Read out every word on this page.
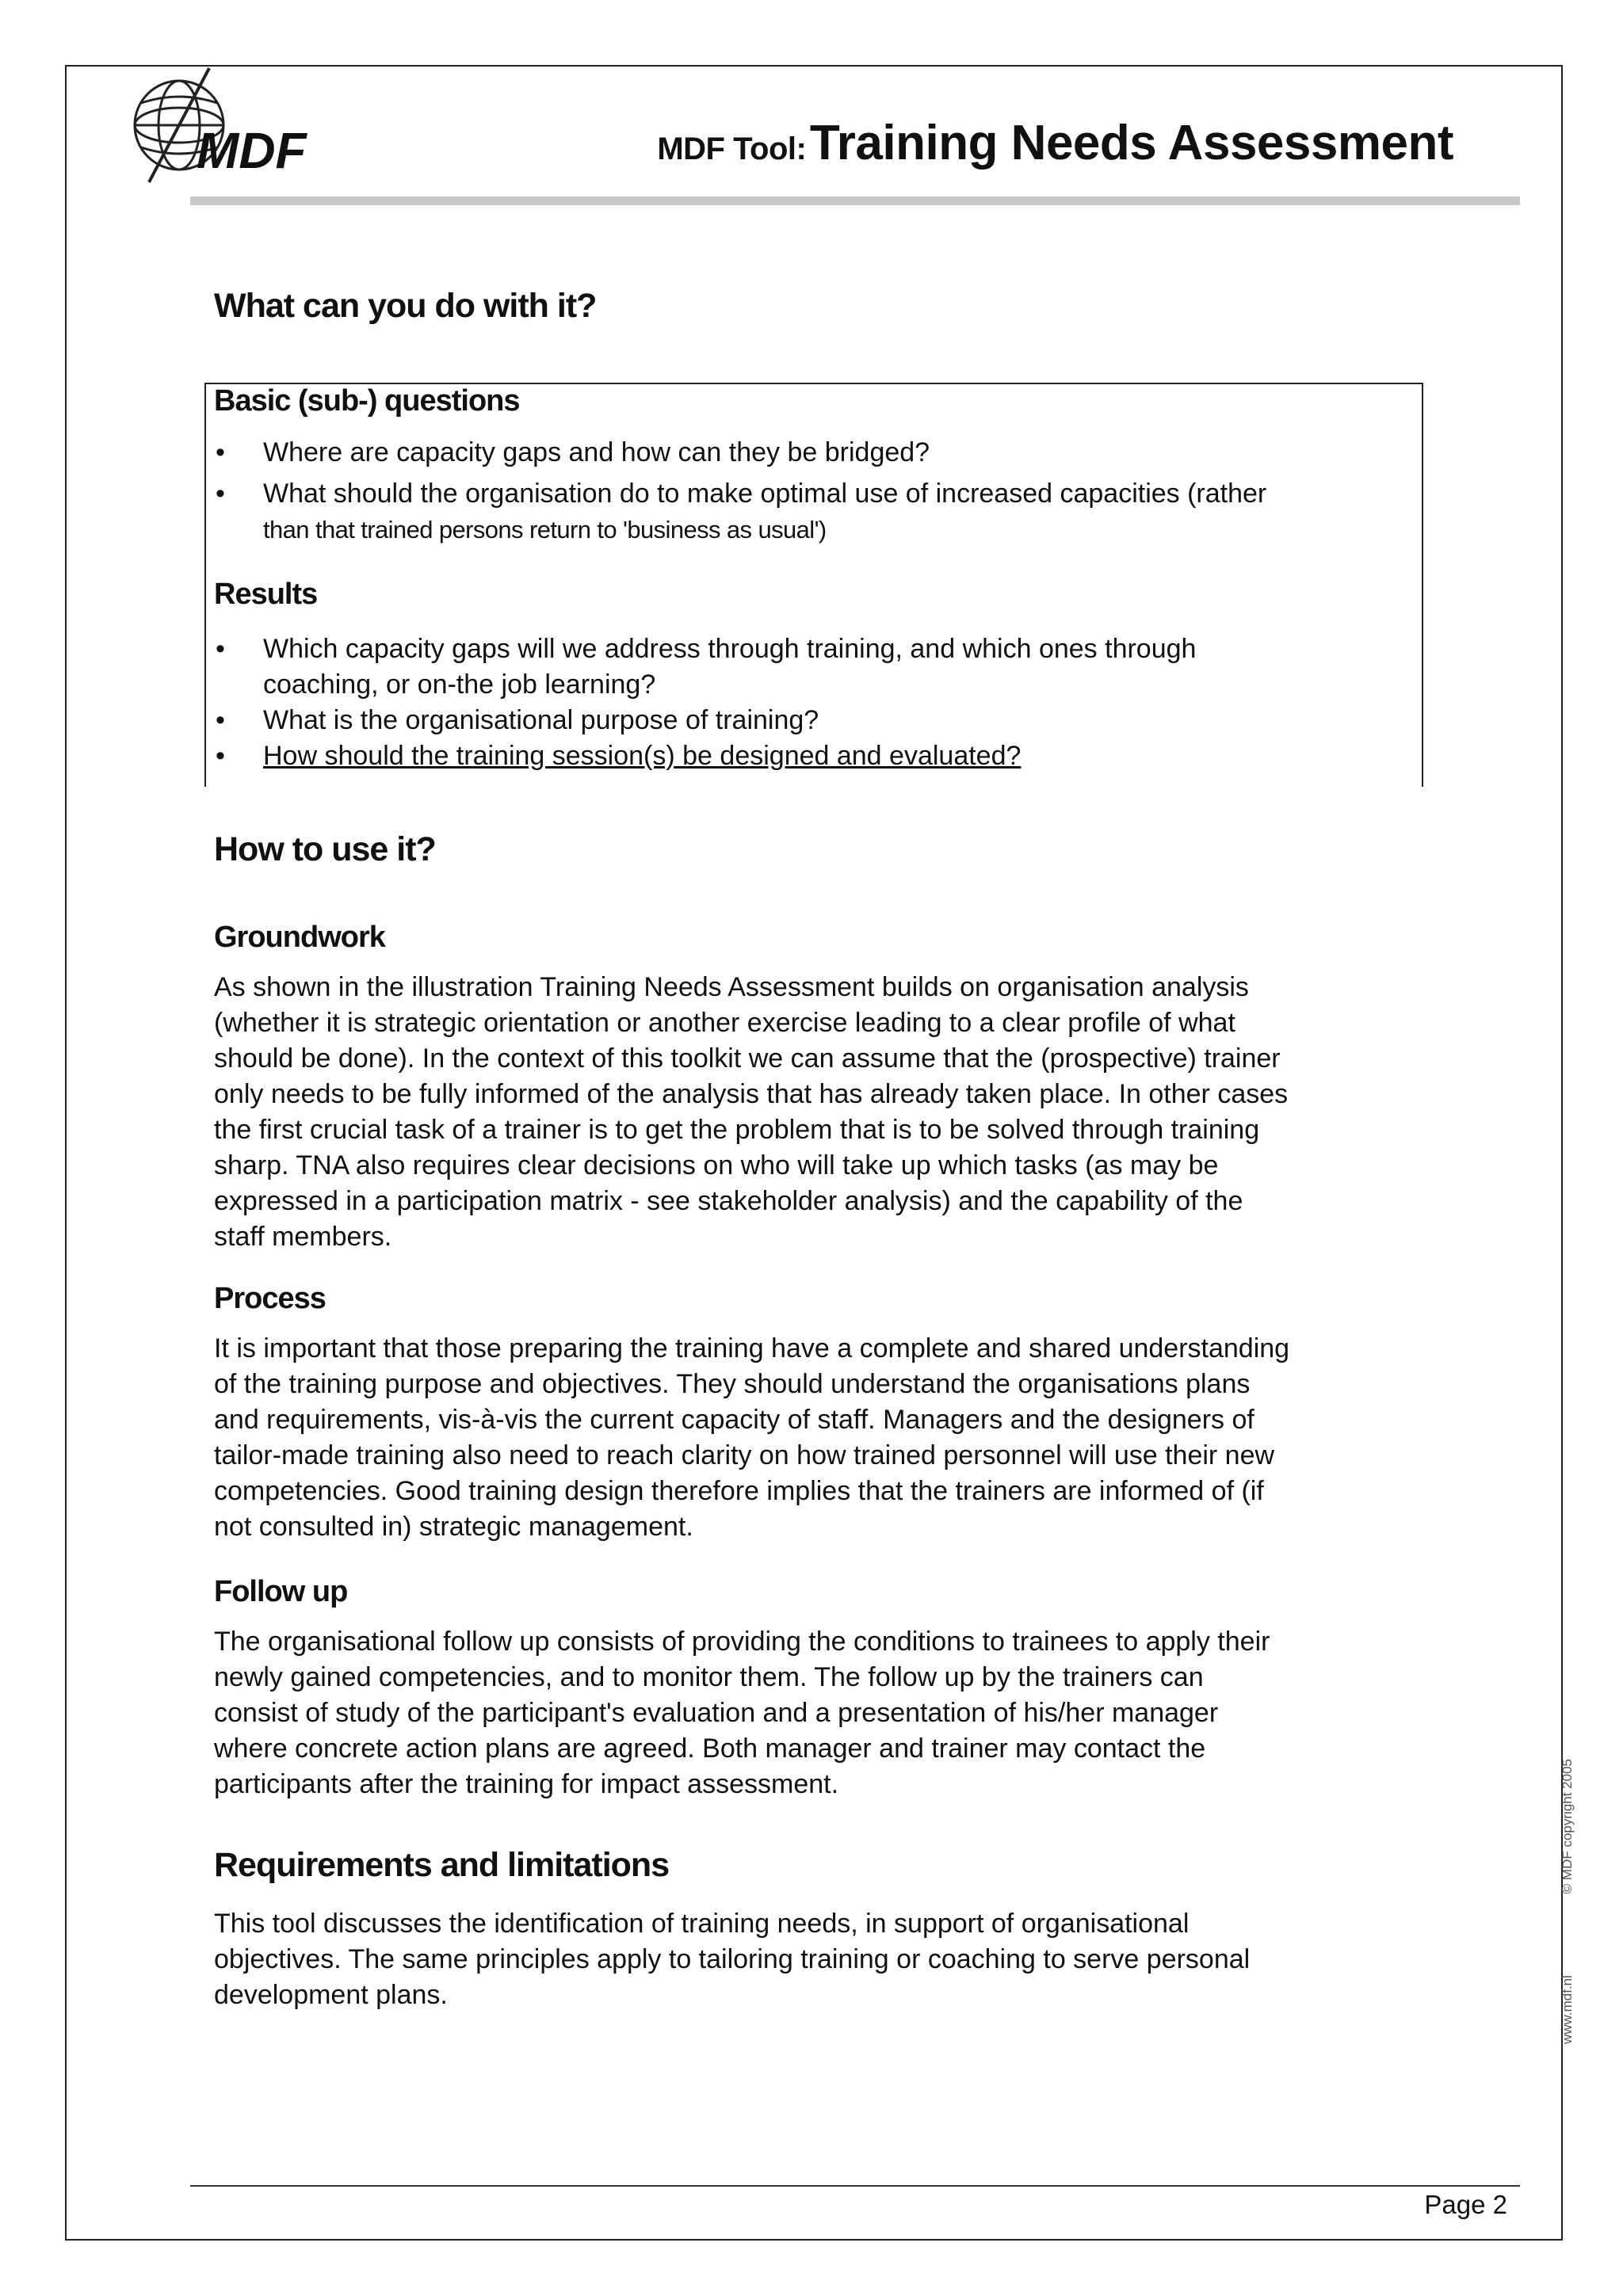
MDF	MDF Tool: Training Needs Assessment
What can you do with it?
Basic (sub-) questions
• Where are capacity gaps and how can they be bridged?
• What should the organisation do to make optimal use of increased capacities (rather
than that trained persons return to 'business as usual')
Results
• Which capacity gaps will we address through training, and which ones through
coaching, or on-the job learning?
• What is the organisational purpose of training?
• How should the training session(s) be designed and evaluated?
How to use it?
Groundwork

As shown in the illustration Training Needs Assessment builds on organisation analysis
(whether it is strategic orientation or another exercise leading to a clear profile of what
should be done). In the context of this toolkit we can assume that the (prospective) trainer
only needs to be fully informed of the analysis that has already taken place. In other cases
the first crucial task of a trainer is to get the problem that is to be solved through training
sharp. TNA also requires clear decisions on who will take up which tasks (as may be
expressed in a participation matrix - see stakeholder analysis) and the capability of the
staff members.

Process

It is important that those preparing the training have a complete and shared understanding
of the training purpose and objectives. They should understand the organisations plans
and requirements, vis-à-vis the current capacity of staff. Managers and the designers of
tailor-made training also need to reach clarity on how trained personnel will use their new
competencies. Good training design therefore implies that the trainers are informed of (if
not consulted in) strategic management.

Follow up

The organisational follow up consists of providing the conditions to trainees to apply their
newly gained competencies, and to monitor them. The follow up by the trainers can
consist of study of the participant's evaluation and a presentation of his/her manager
where concrete action plans are agreed. Both manager and trainer may contact the
participants after the training for impact assessment.

Requirements and limitations

This tool discusses the identification of training needs, in support of organisational
objectives. The same principles apply to tailoring training or coaching to serve personal
development plans.	www.mdf.nl
© MDF copyright 2005
Page 2
